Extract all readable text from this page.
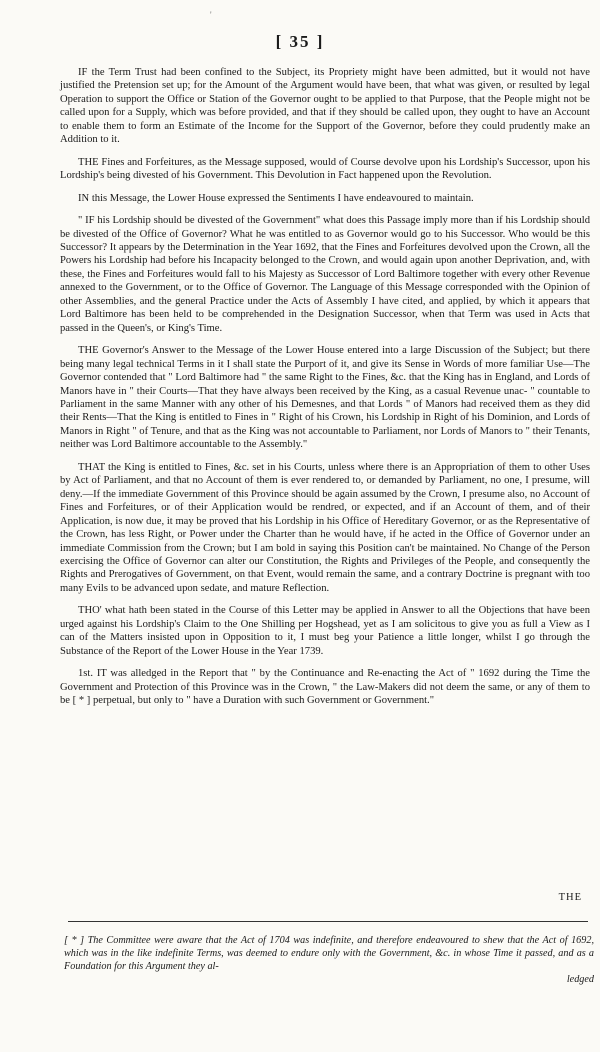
'
[ 35 ]

IF the Term Trust had been confined to the Subject, its Propriety might have been admitted, but it would not have justified the Pretension set up; for the Amount of the Argument would have been, that what was given, or resulted by legal Operation to support the Office or Station of the Governor ought to be applied to that Purpose, that the People might not be called upon for a Supply, which was before provided, and that if they should be called upon, they ought to have an Account to enable them to form an Estimate of the Income for the Support of the Governor, before they could prudently make an Addition to it.

THE Fines and Forfeitures, as the Message supposed, would of Course devolve upon his Lordship's Successor, upon his Lordship's being divested of his Government. This Devolution in Fact happened upon the Revolution.

IN this Message, the Lower House expressed the Sentiments I have endeavoured to maintain.

" IF his Lordship should be divested of the Government" what does this Passage imply more than if his Lordship should be divested of the Office of Governor? What he was entitled to as Governor would go to his Successor. Who would be this Successor? It appears by the Determination in the Year 1692, that the Fines and Forfeitures devolved upon the Crown, all the Powers his Lordship had before his Incapacity belonged to the Crown, and would again upon another Deprivation, and, with these, the Fines and Forfeitures would fall to his Majesty as Successor of Lord Baltimore together with every other Revenue annexed to the Government, or to the Office of Governor. The Language of this Message corresponded with the Opinion of other Assemblies, and the general Practice under the Acts of Assembly I have cited, and applied, by which it appears that Lord Baltimore has been held to be comprehended in the Designation Successor, when that Term was used in Acts that passed in the Queen's, or King's Time.

THE Governor's Answer to the Message of the Lower House entered into a large Discussion of the Subject; but there being many legal technical Terms in it I shall state the Purport of it, and give its Sense in Words of more familiar Use—The Governor contended that " Lord Baltimore had " the same Right to the Fines, &c. that the King has in England, and Lords of Manors have in " their Courts—That they have always been received by the King, as a casual Revenue unac- " countable to Parliament in the same Manner with any other of his Demesnes, and that Lords " of Manors had received them as they did their Rents—That the King is entitled to Fines in " Right of his Crown, his Lordship in Right of his Dominion, and Lords of Manors in Right " of Tenure, and that as the King was not accountable to Parliament, nor Lords of Manors to " their Tenants, neither was Lord Baltimore accountable to the Assembly."

THAT the King is entitled to Fines, &c. set in his Courts, unless where there is an Appropriation of them to other Uses by Act of Parliament, and that no Account of them is ever rendered to, or demanded by Parliament, no one, I presume, will deny.—If the immediate Government of this Province should be again assumed by the Crown, I presume also, no Account of Fines and Forfeitures, or of their Application would be rendred, or expected, and if an Account of them, and of their Application, is now due, it may be proved that his Lordship in his Office of Hereditary Governor, or as the Representative of the Crown, has less Right, or Power under the Charter than he would have, if he acted in the Office of Governor under an immediate Commission from the Crown; but I am bold in saying this Position can't be maintained. No Change of the Person exercising the Office of Governor can alter our Constitution, the Rights and Privileges of the People, and consequently the Rights and Prerogatives of Government, on that Event, would remain the same, and a contrary Doctrine is pregnant with too many Evils to be advanced upon sedate, and mature Reflection.

THO' what hath been stated in the Course of this Letter may be applied in Answer to all the Objections that have been urged against his Lordship's Claim to the One Shilling per Hogshead, yet as I am solicitous to give you as full a View as I can of the Matters insisted upon in Opposition to it, I must beg your Patience a little longer, whilst I go through the Substance of the Report of the Lower House in the Year 1739.

1st. IT was alledged in the Report that " by the Continuance and Re-enacting the Act of " 1692 during the Time the Government and Protection of this Province was in the Crown, " the Law-Makers did not deem the same, or any of them to be [ * ] perpetual, but only to " have a Duration with such Government or Government."

THE
[ * ] The Committee were aware that the Act of 1704 was indefinite, and therefore endeavoured to shew that the Act of 1692, which was in the like indefinite Terms, was deemed to endure only with the Government, &c. in whose Time it passed, and as a Foundation for this Argument they al-
ledged
